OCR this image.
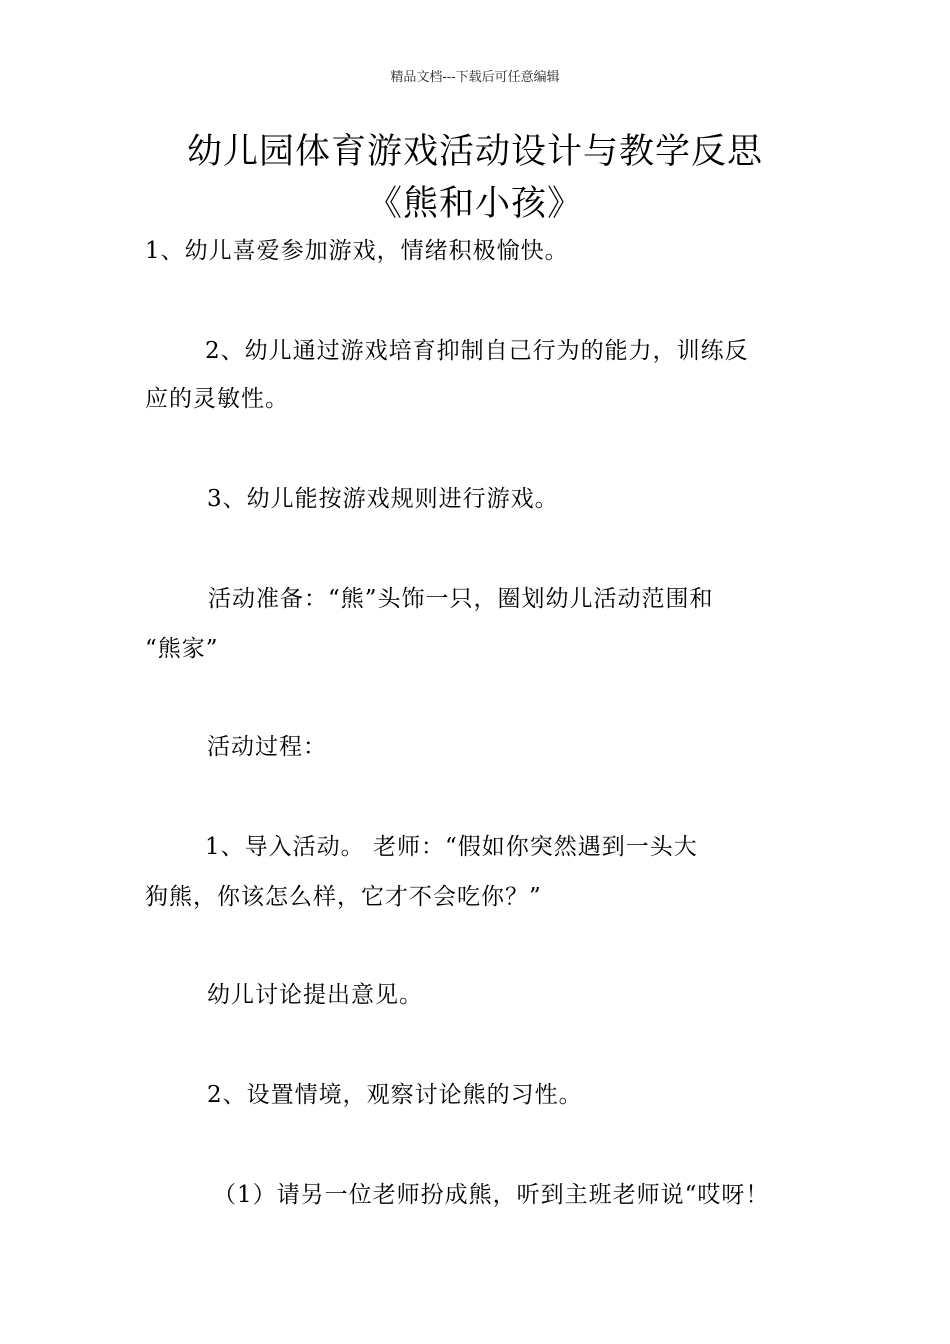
精品文档---下载后可任意编辑
幼儿园体育游戏活动设计与教学反思
《熊和小孩》
1、幼儿喜爱参加游戏，情绪积极愉快。
2、幼儿通过游戏培育抑制自己行为的能力，训练反
应的灵敏性。
3、幼儿能按游戏规则进行游戏。
活动准备：“熊”头饰一只，圈划幼儿活动范围和
“熊家”
活动过程：
1、导入活动。 老师：“假如你突然遇到一头大
狗熊，你该怎么样，它才不会吃你？”
幼儿讨论提出意见。
2、设置情境，观察讨论熊的习性。
（1）请另一位老师扮成熊，听到主班老师说“哎呀！
